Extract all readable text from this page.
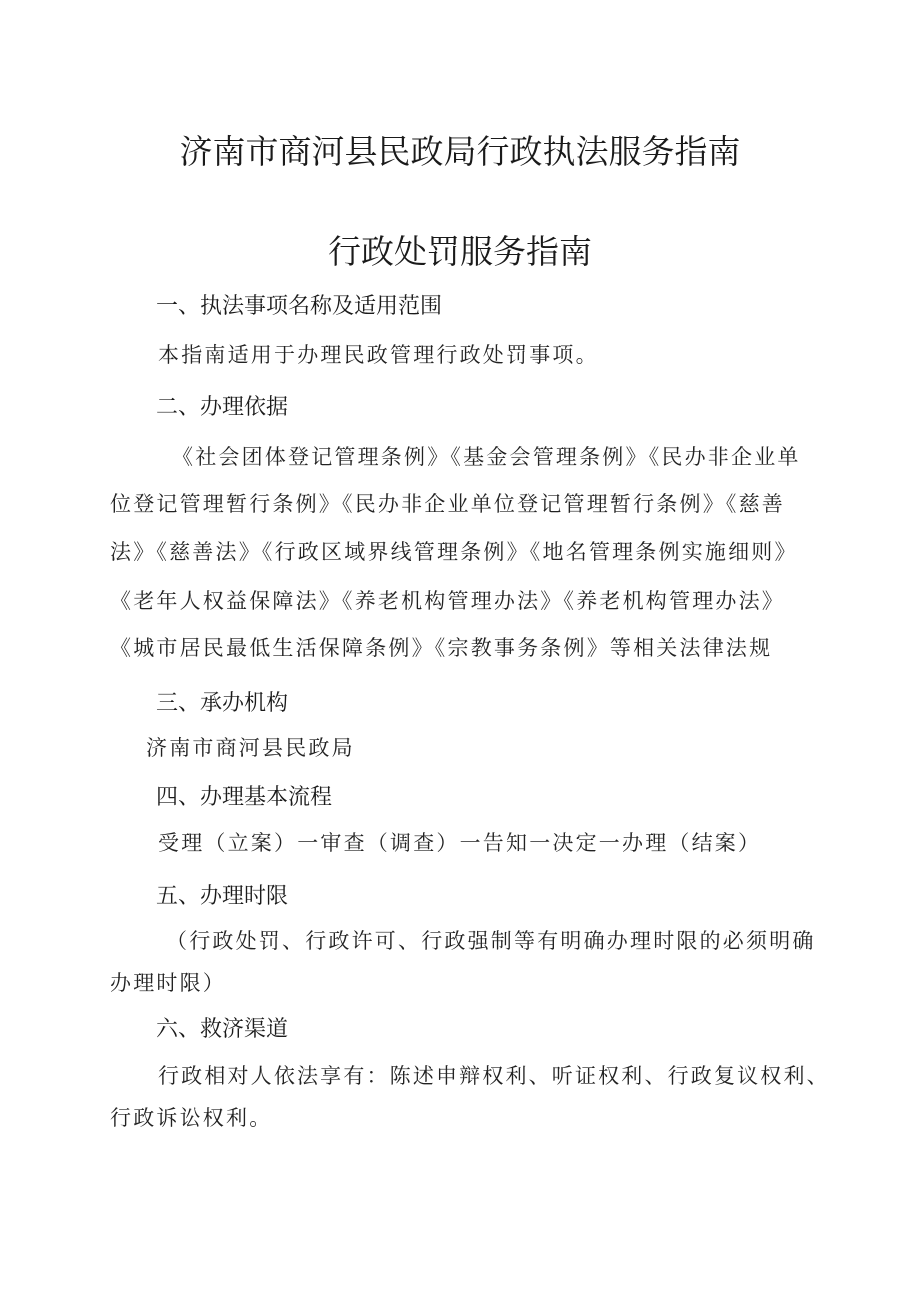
济南市商河县民政局行政执法服务指南
行政处罚服务指南
一、执法事项名称及适用范围
本指南适用于办理民政管理行政处罚事项。
二、办理依据
《社会团体登记管理条例》《基金会管理条例》《民办非企业单
位登记管理暂行条例》《民办非企业单位登记管理暂行条例》《慈善
法》《慈善法》《行政区域界线管理条例》《地名管理条例实施细则》
《老年人权益保障法》《养老机构管理办法》《养老机构管理办法》
《城市居民最低生活保障条例》《宗教事务条例》等相关法律法规
三、承办机构
济南市商河县民政局
四、办理基本流程
受理（立案）一审查（调查）一告知一决定一办理（结案）
五、办理时限
（行政处罚、行政许可、行政强制等有明确办理时限的必须明确
办理时限）
六、救济渠道
行政相对人依法享有：陈述申辩权利、听证权利、行政复议权利、
行政诉讼权利。
